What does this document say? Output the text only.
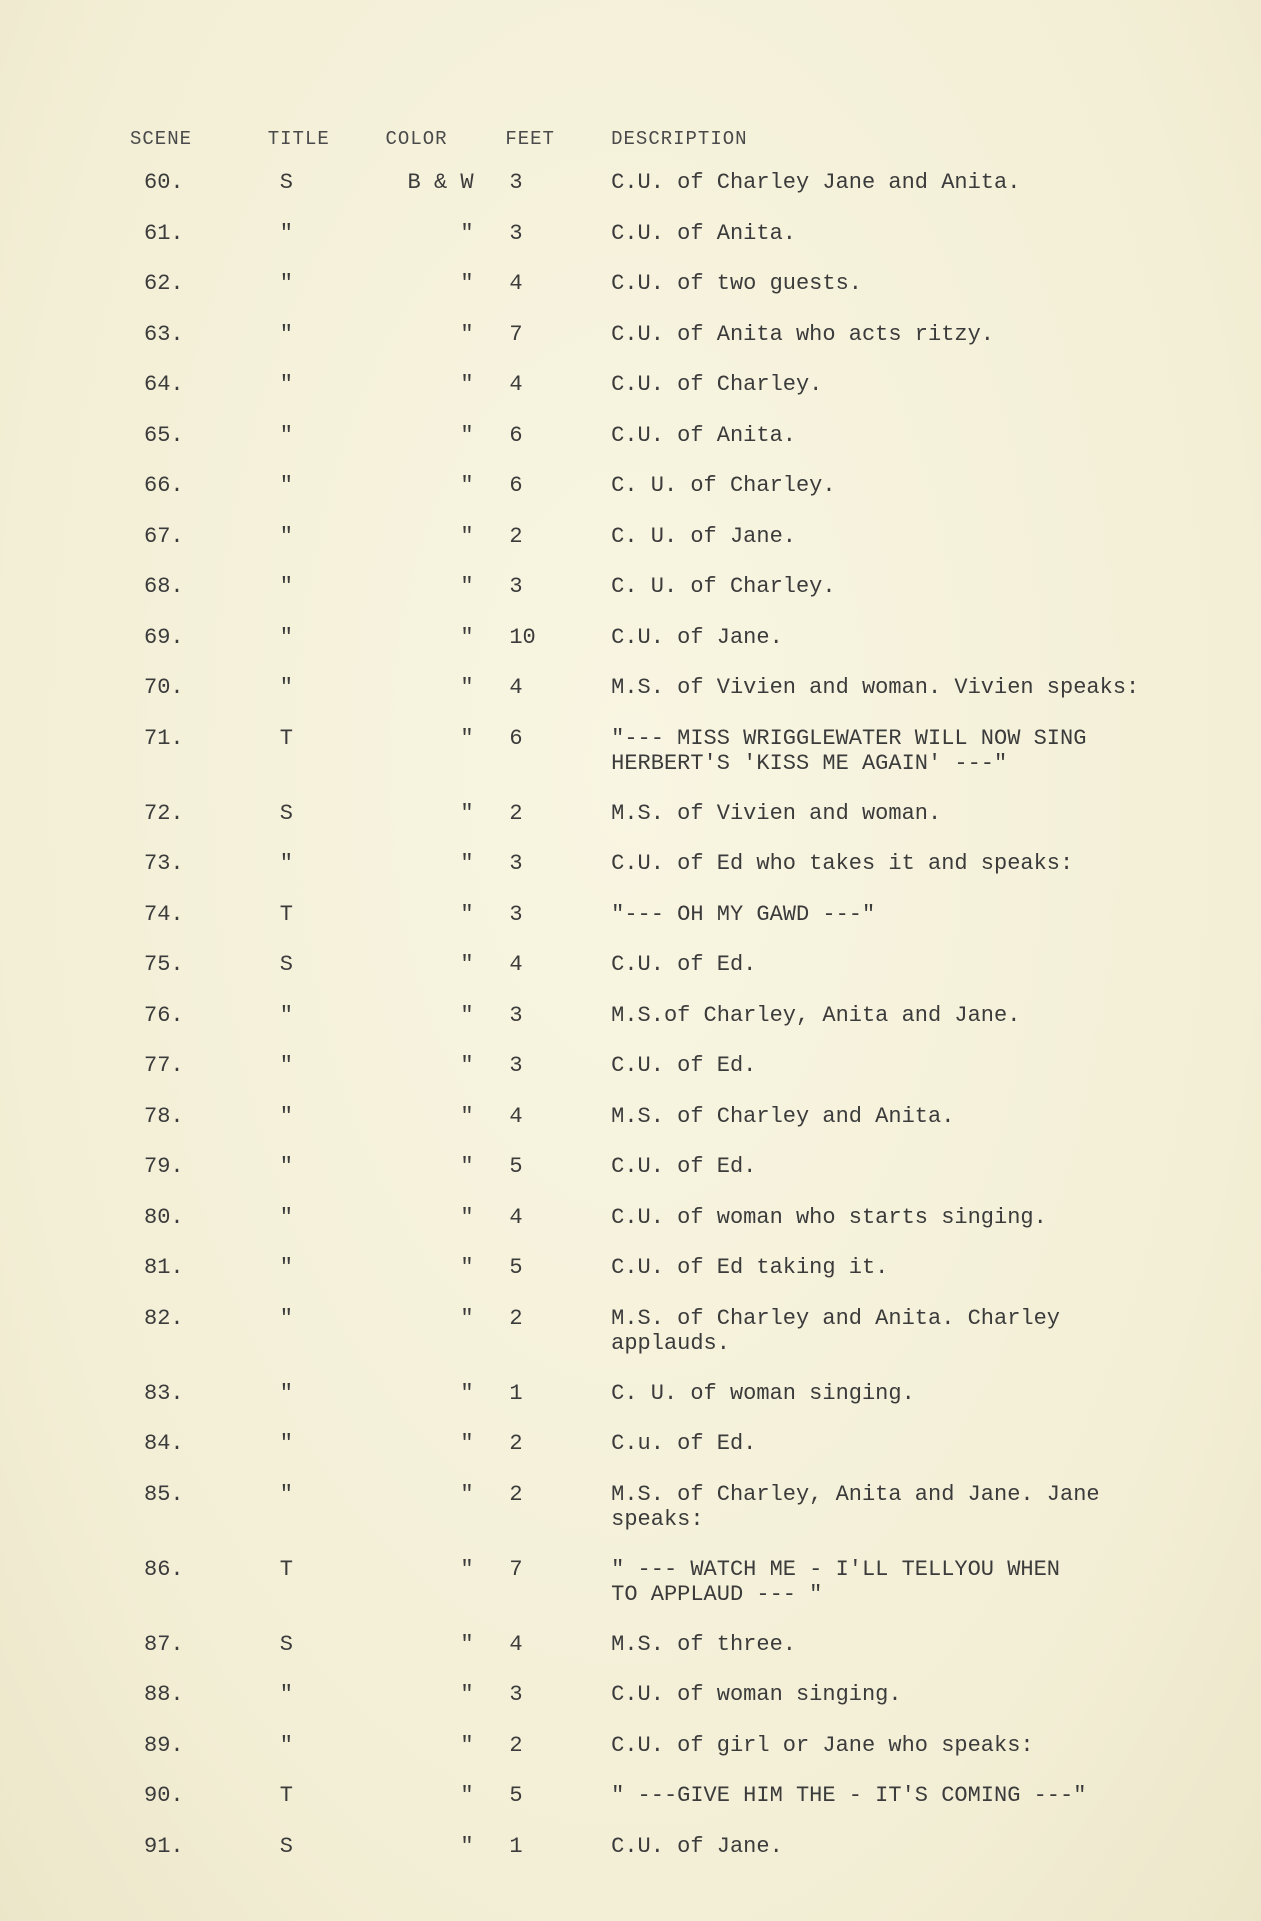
SCENE	TITLE	COLOR	FEET	DESCRIPTION
60.	S	B & W	3	C.U. of Charley Jane and Anita.
61.	"	"	3	C.U. of Anita.
62.	"	"	4	C.U. of two guests.
63.	"	"	7	C.U. of Anita who acts ritzy.
64.	"	"	4	C.U. of Charley.
65.	"	"	6	C.U. of Anita.
66.	"	"	6	C. U. of Charley.
67.	"	"	2	C. U. of Jane.
68.	"	"	3	C. U. of Charley.
69.	"	"	10	C.U. of Jane.
70.	"	"	4	M.S. of Vivien and woman. Vivien speaks:
71.	T	"	6	"--- MISS WRIGGLEWATER WILL NOW SING
HERBERT'S 'KISS ME AGAIN' ---"
72.	S	"	2	M.S. of Vivien and woman.
73.	"	"	3	C.U. of Ed who takes it and speaks:
74.	T	"	3	"--- OH MY GAWD ---"
75.	S	"	4	C.U. of Ed.
76.	"	"	3	M.S.of Charley, Anita and Jane.
77.	"	"	3	C.U. of Ed.
78.	"	"	4	M.S. of Charley and Anita.
79.	"	"	5	C.U. of Ed.
80.	"	"	4	C.U. of woman who starts singing.
81.	"	"	5	C.U. of Ed taking it.
82.	"	"	2	M.S. of Charley and Anita. Charley
applauds.
83.	"	"	1	C. U. of woman singing.
84.	"	"	2	C.u. of Ed.
85.	"	"	2	M.S. of Charley, Anita and Jane. Jane
speaks:
86.	T	"	7	" --- WATCH ME - I'LL TELLYOU WHEN
TO APPLAUD --- "
87.	S	"	4	M.S. of three.
88.	"	"	3	C.U. of woman singing.
89.	"	"	2	C.U. of girl or Jane who speaks:
90.	T	"	5	" ---GIVE HIM THE - IT'S COMING ---"
91.	S	"	1	C.U. of Jane.
